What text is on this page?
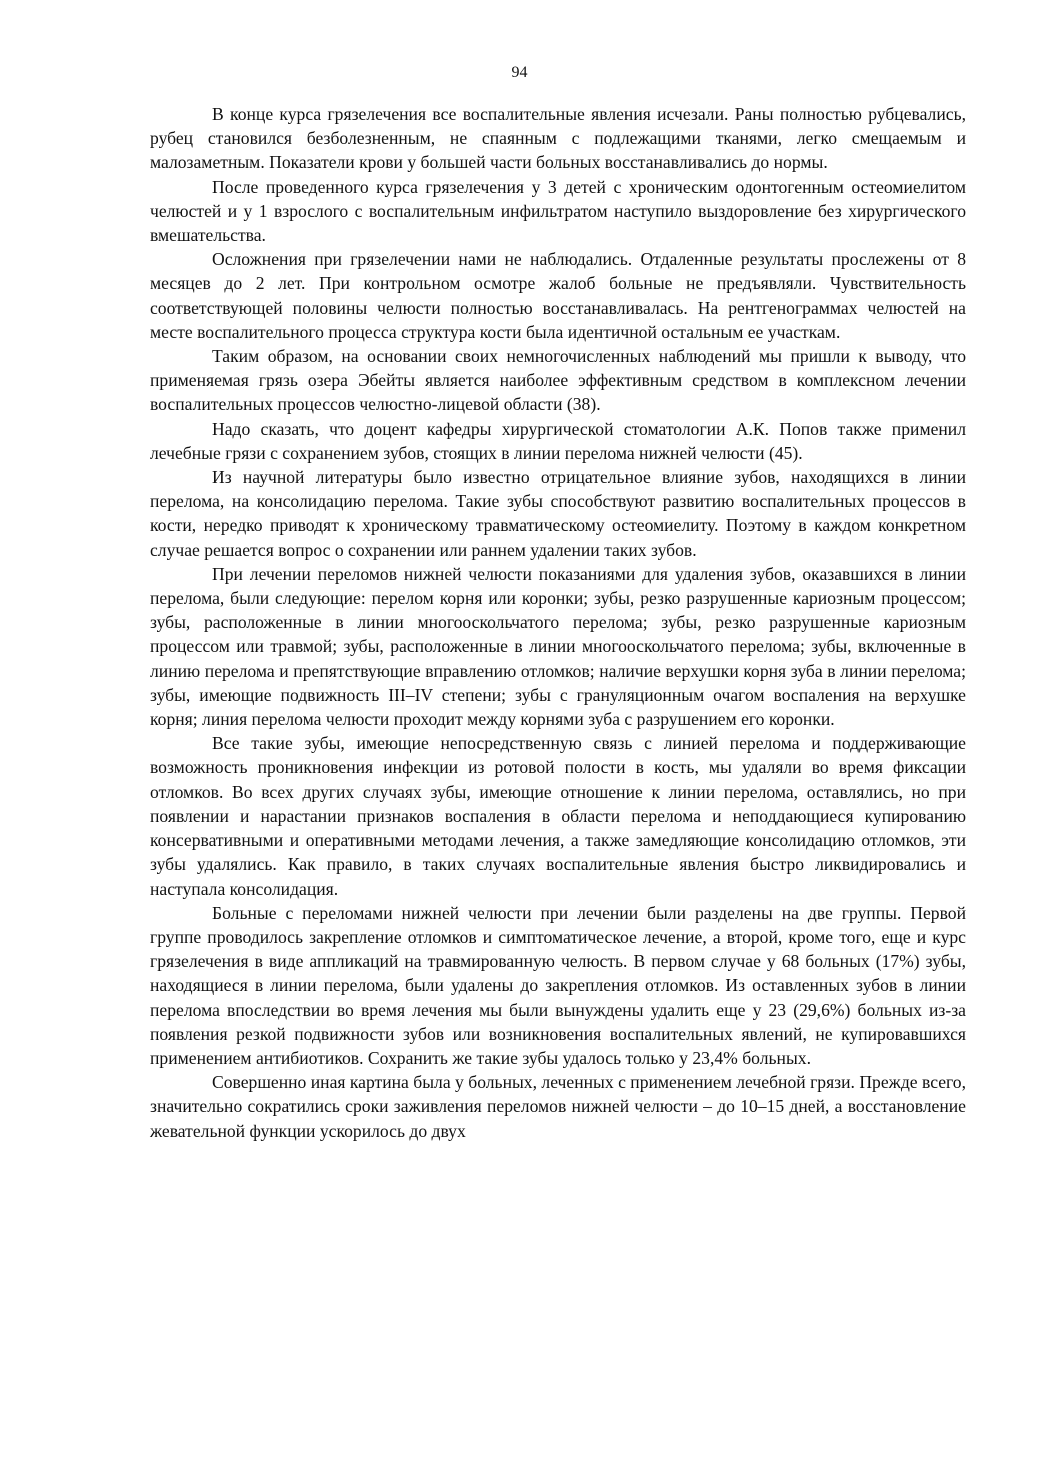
94

В конце курса грязелечения все воспалительные явления исчезали. Раны полностью рубцевались, рубец становился безболезненным, не спаянным с подлежащими тканями, легко смещаемым и малозаметным. Показатели крови у большей части больных восстанавливались до нормы.

После проведенного курса грязелечения у 3 детей с хроническим одонтогенным остеомиелитом челюстей и у 1 взрослого с воспалительным инфильтратом наступило выздоровление без хирургического вмешательства.

Осложнения при грязелечении нами не наблюдались. Отдаленные результаты прослежены от 8 месяцев до 2 лет. При контрольном осмотре жалоб больные не предъявляли. Чувствительность соответствующей половины челюсти полностью восстанавливалась. На рентгенограммах челюстей на месте воспалительного процесса структура кости была идентичной остальным ее участкам.

Таким образом, на основании своих немногочисленных наблюдений мы пришли к выводу, что применяемая грязь озера Эбейты является наиболее эффективным средством в комплексном лечении воспалительных процессов челюстно-лицевой области (38).

Надо сказать, что доцент кафедры хирургической стоматологии А.К. Попов также применил лечебные грязи с сохранением зубов, стоящих в линии перелома нижней челюсти (45).

Из научной литературы было известно отрицательное влияние зубов, находящихся в линии перелома, на консолидацию перелома. Такие зубы способствуют развитию воспалительных процессов в кости, нередко приводят к хроническому травматическому остеомиелиту. Поэтому в каждом конкретном случае решается вопрос о сохранении или раннем удалении таких зубов.

При лечении переломов нижней челюсти показаниями для удаления зубов, оказавшихся в линии перелома, были следующие: перелом корня или коронки; зубы, резко разрушенные кариозным процессом; зубы, расположенные в линии многооскольчатого перелома; зубы, резко разрушенные кариозным процессом или травмой; зубы, расположенные в линии многооскольчатого перелома; зубы, включенные в линию перелома и препятствующие вправлению отломков; наличие верхушки корня зуба в линии перелома; зубы, имеющие подвижность III–IV степени; зубы с грануляционным очагом воспаления на верхушке корня; линия перелома челюсти проходит между корнями зуба с разрушением его коронки.

Все такие зубы, имеющие непосредственную связь с линией перелома и поддерживающие возможность проникновения инфекции из ротовой полости в кость, мы удаляли во время фиксации отломков. Во всех других случаях зубы, имеющие отношение к линии перелома, оставлялись, но при появлении и нарастании признаков воспаления в области перелома и неподдающиеся купированию консервативными и оперативными методами лечения, а также замедляющие консолидацию отломков, эти зубы удалялись. Как правило, в таких случаях воспалительные явления быстро ликвидировались и наступала консолидация.

Больные с переломами нижней челюсти при лечении были разделены на две группы. Первой группе проводилось закрепление отломков и симптоматическое лечение, а второй, кроме того, еще и курс грязелечения в виде аппликаций на травмированную челюсть. В первом случае у 68 больных (17%) зубы, находящиеся в линии перелома, были удалены до закрепления отломков. Из оставленных зубов в линии перелома впоследствии во время лечения мы были вынуждены удалить еще у 23 (29,6%) больных из-за появления резкой подвижности зубов или возникновения воспалительных явлений, не купировавшихся применением антибиотиков. Сохранить же такие зубы удалось только у 23,4% больных.

Совершенно иная картина была у больных, леченных с применением лечебной грязи. Прежде всего, значительно сократились сроки заживления переломов нижней челюсти – до 10–15 дней, а восстановление жевательной функции ускорилось до двух
